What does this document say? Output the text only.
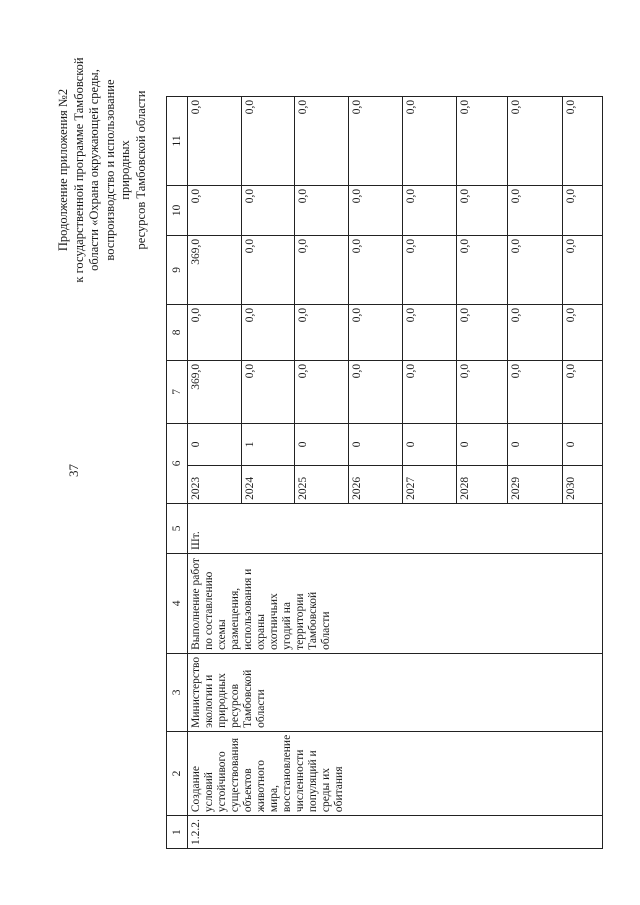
37
Продолжение приложения №2 к государственной программе Тамбовской области «Охрана окружающей среды, воспроизводство и использование природных ресурсов Тамбовской области
1	2	3	4	5	6		7	8	9	10	11
1.2.2.	Создание условий устойчивого существования объектов животного мира, восстановление численности популяций и среды их обитания	Министерство экологии и природных ресурсов Тамбовской области	Выполнение работ по составлению схемы размещения, использования и охраны охотничьих угодий на территории Тамбовской области	Шт.	2023	0	369,0	0,0	369,0	0,0	0,0
					2024	1	0,0	0,0	0,0	0,0	0,0
					2025	0	0,0	0,0	0,0	0,0	0,0
					2026	0	0,0	0,0	0,0	0,0	0,0
					2027	0	0,0	0,0	0,0	0,0	0,0
					2028	0	0,0	0,0	0,0	0,0	0,0
					2029	0	0,0	0,0	0,0	0,0	0,0
					2030	0	0,0	0,0	0,0	0,0	0,0
